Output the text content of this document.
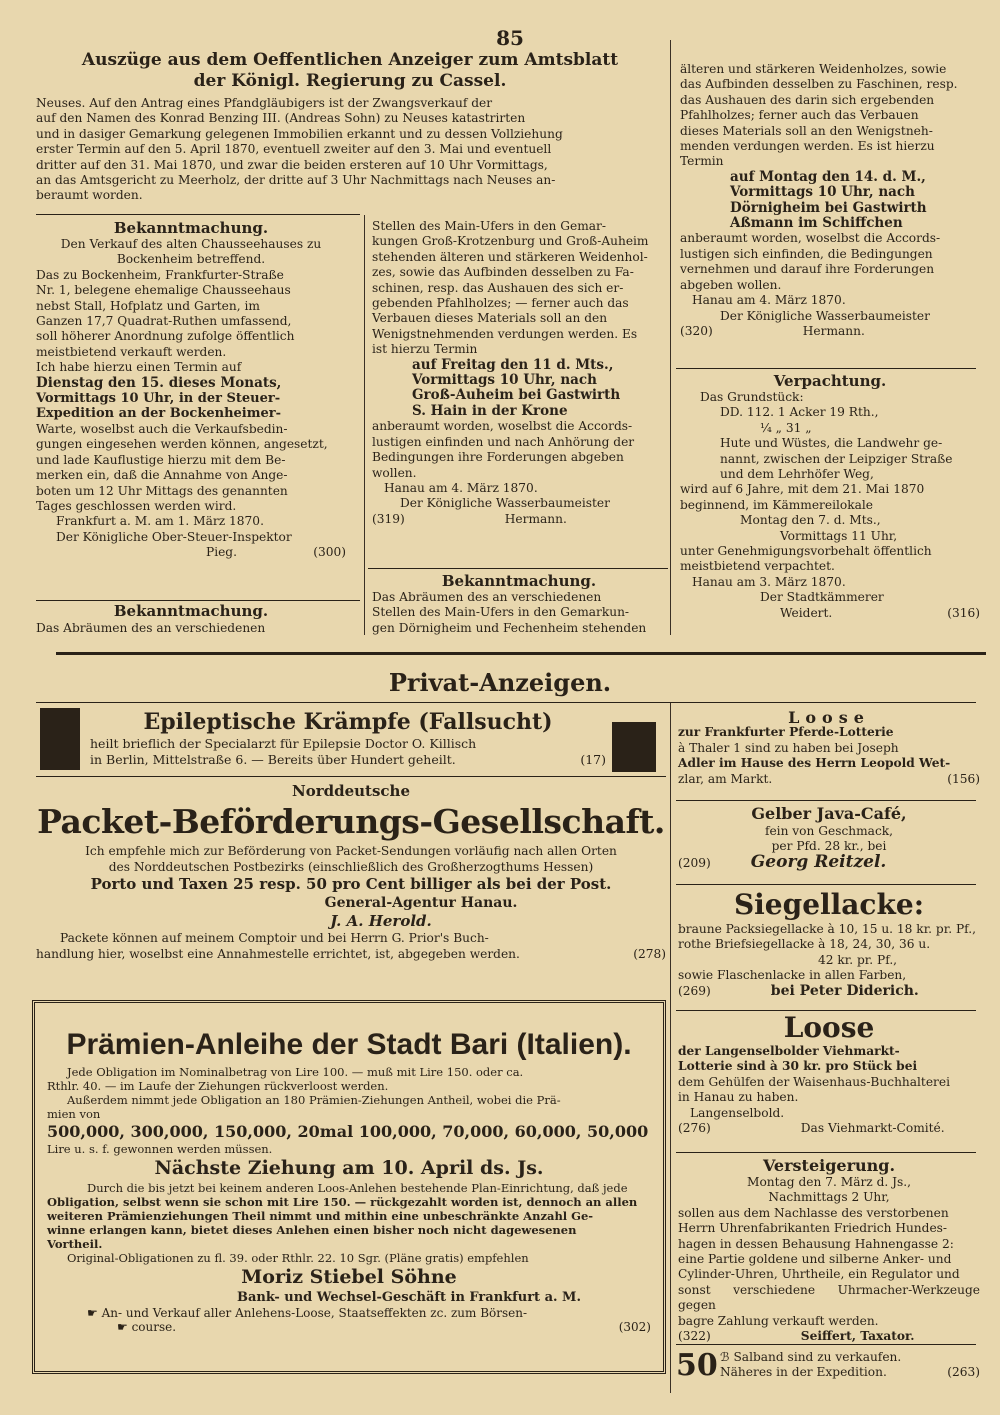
85
Auszüge aus dem Oeffentlichen Anzeiger zum Amtsblatt
der Königl. Regierung zu Cassel.
Neuses. Auf den Antrag eines Pfandgläubigers ist der Zwangsverkauf der
auf den Namen des Konrad Benzing III. (Andreas Sohn) zu Neuses katastrirten
und in dasiger Gemarkung gelegenen Immobilien erkannt und zu dessen Vollziehung
erster Termin auf den 5. April 1870, eventuell zweiter auf den 3. Mai und eventuell
dritter auf den 31. Mai 1870, und zwar die beiden ersteren auf 10 Uhr Vormittags,
an das Amtsgericht zu Meerholz, der dritte auf 3 Uhr Nachmittags nach Neuses an-
beraumt worden.
Bekanntmachung.
Den Verkauf des alten Chausseehauses zu
Bockenheim betreffend.
Das zu Bockenheim, Frankfurter-Straße
Nr. 1, belegene ehemalige Chausseehaus
nebst Stall, Hofplatz und Garten, im
Ganzen 17,7 Quadrat-Ruthen umfassend,
soll höherer Anordnung zufolge öffentlich
meistbietend verkauft werden.
Ich habe hierzu einen Termin auf
Dienstag den 15. dieses Monats,
Vormittags 10 Uhr, in der Steuer-
Expedition an der Bockenheimer-
Warte, woselbst auch die Verkaufsbedin-
gungen eingesehen werden können, angesetzt,
und lade Kauflustige hierzu mit dem Be-
merken ein, daß die Annahme von Ange-
boten um 12 Uhr Mittags des genannten
Tages geschlossen werden wird.
Frankfurt a. M. am 1. März 1870.
Der Königliche Ober-Steuer-Inspektor
Pieg.	(300)
Bekanntmachung.
Das Abräumen des an verschiedenen
Stellen des Main-Ufers in den Gemar-
kungen Groß-Krotzenburg und Groß-Auheim
stehenden älteren und stärkeren Weidenhol-
zes, sowie das Aufbinden desselben zu Fa-
schinen, resp. das Aushauen des sich er-
gebenden Pfahlholzes; — ferner auch das
Verbauen dieses Materials soll an den
Wenigstnehmenden verdungen werden. Es
ist hierzu Termin
auf Freitag den 11 d. Mts.,
Vormittags 10 Uhr, nach
Groß-Auheim bei Gastwirth
S. Hain in der Krone
anberaumt worden, woselbst die Accords-
lustigen einfinden und nach Anhörung der
Bedingungen ihre Forderungen abgeben
wollen.
Hanau am 4. März 1870.
Der Königliche Wasserbaumeister
(319)	Hermann.
Bekanntmachung.
Das Abräumen des an verschiedenen
Stellen des Main-Ufers in den Gemarkun-
gen Dörnigheim und Fechenheim stehenden
älteren und stärkeren Weidenholzes, sowie
das Aufbinden desselben zu Faschinen, resp.
das Aushauen des darin sich ergebenden
Pfahlholzes; ferner auch das Verbauen
dieses Materials soll an den Wenigstneh-
menden verdungen werden. Es ist hierzu
Termin
auf Montag den 14. d. M.,
Vormittags 10 Uhr, nach
Dörnigheim bei Gastwirth
Aßmann im Schiffchen
anberaumt worden, woselbst die Accords-
lustigen sich einfinden, die Bedingungen
vernehmen und darauf ihre Forderungen
abgeben wollen.
Hanau am 4. März 1870.
Der Königliche Wasserbaumeister
(320)	Hermann.
Verpachtung.
Das Grundstück:
DD. 112. 1 Acker 19 Rth.,
¼ „ 31 „
Hute und Wüstes, die Landwehr ge-
nannt, zwischen der Leipziger Straße
und dem Lehrhöfer Weg,
wird auf 6 Jahre, mit dem 21. Mai 1870
beginnend, im Kämmereilokale
Montag den 7. d. Mts.,
Vormittags 11 Uhr,
unter Genehmigungsvorbehalt öffentlich
meistbietend verpachtet.
Hanau am 3. März 1870.
Der Stadtkämmerer
Weidert.	(316)
Privat-Anzeigen.
Epileptische Krämpfe (Fallsucht)
heilt brieflich der Specialarzt für Epilepsie Doctor O. Killisch
in Berlin, Mittelstraße 6. — Bereits über Hundert geheilt.	(17)
Norddeutsche
Packet-Beförderungs-Gesellschaft.
Ich empfehle mich zur Beförderung von Packet-Sendungen vorläufig nach allen Orten
des Norddeutschen Postbezirks (einschließlich des Großherzogthums Hessen)
Porto und Taxen 25 resp. 50 pro Cent billiger als bei der Post.
General-Agentur Hanau.
J. A. Herold.
Packete können auf meinem Comptoir und bei Herrn G. Prior's Buch-
handlung hier, woselbst eine Annahmestelle errichtet, ist, abgegeben werden.	(278)
Prämien-Anleihe der Stadt Bari (Italien).
Jede Obligation im Nominalbetrag von Lire 100. — muß mit Lire 150. oder ca.
Rthlr. 40. — im Laufe der Ziehungen rückverloost werden.
Außerdem nimmt jede Obligation an 180 Prämien-Ziehungen Antheil, wobei die Prä-
mien von
500,000, 300,000, 150,000, 20mal 100,000, 70,000, 60,000, 50,000
Lire u. s. f. gewonnen werden müssen.
Nächste Ziehung am 10. April ds. Js.
Durch die bis jetzt bei keinem anderen Loos-Anlehen bestehende Plan-Einrichtung, daß jede
Obligation, selbst wenn sie schon mit Lire 150. — rückgezahlt worden ist, dennoch an allen
weiteren Prämienziehungen Theil nimmt und mithin eine unbeschränkte Anzahl Ge-
winne erlangen kann, bietet dieses Anlehen einen bisher noch nicht dagewesenen
Vortheil.
Original-Obligationen zu fl. 39. oder Rthlr. 22. 10 Sgr. (Pläne gratis) empfehlen
Moriz Stiebel Söhne
Bank- und Wechsel-Geschäft in Frankfurt a. M.
☛ An- und Verkauf aller Anlehens-Loose, Staatseffekten zc. zum Börsen-
☛ course.	(302)
Loose
zur Frankfurter Pferde-Lotterie
à Thaler 1 sind zu haben bei Joseph
Adler im Hause des Herrn Leopold Wet-
zlar, am Markt.	(156)
Gelber Java-Café,
fein von Geschmack,
per Pfd. 28 kr., bei
(209) Georg Reitzel.
Siegellacke:
braune Packsiegellacke à 10, 15 u. 18 kr. pr. Pf.,
rothe Briefsiegellacke à 18, 24, 30, 36 u.
42 kr. pr. Pf.,
sowie Flaschenlacke in allen Farben,
(269)	bei Peter Diderich.
Loose
der Langenselbolder Viehmarkt-
Lotterie sind à 30 kr. pro Stück bei
dem Gehülfen der Waisenhaus-Buchhalterei
in Hanau zu haben.
Langenselbold.
(276)	Das Viehmarkt-Comité.
Versteigerung.
Montag den 7. März d. Js.,
Nachmittags 2 Uhr,
sollen aus dem Nachlasse des verstorbenen
Herrn Uhrenfabrikanten Friedrich Hundes-
hagen in dessen Behausung Hahnengasse 2:
eine Partie goldene und silberne Anker- und
Cylinder-Uhren, Uhrtheile, ein Regulator und
sonst verschiedene Uhrmacher-Werkzeuge gegen
bagre Zahlung verkauft werden.
(322)	Seiffert, Taxator.
50 ℬ Salband sind zu verkaufen.
Näheres in der Expedition.	(263)
